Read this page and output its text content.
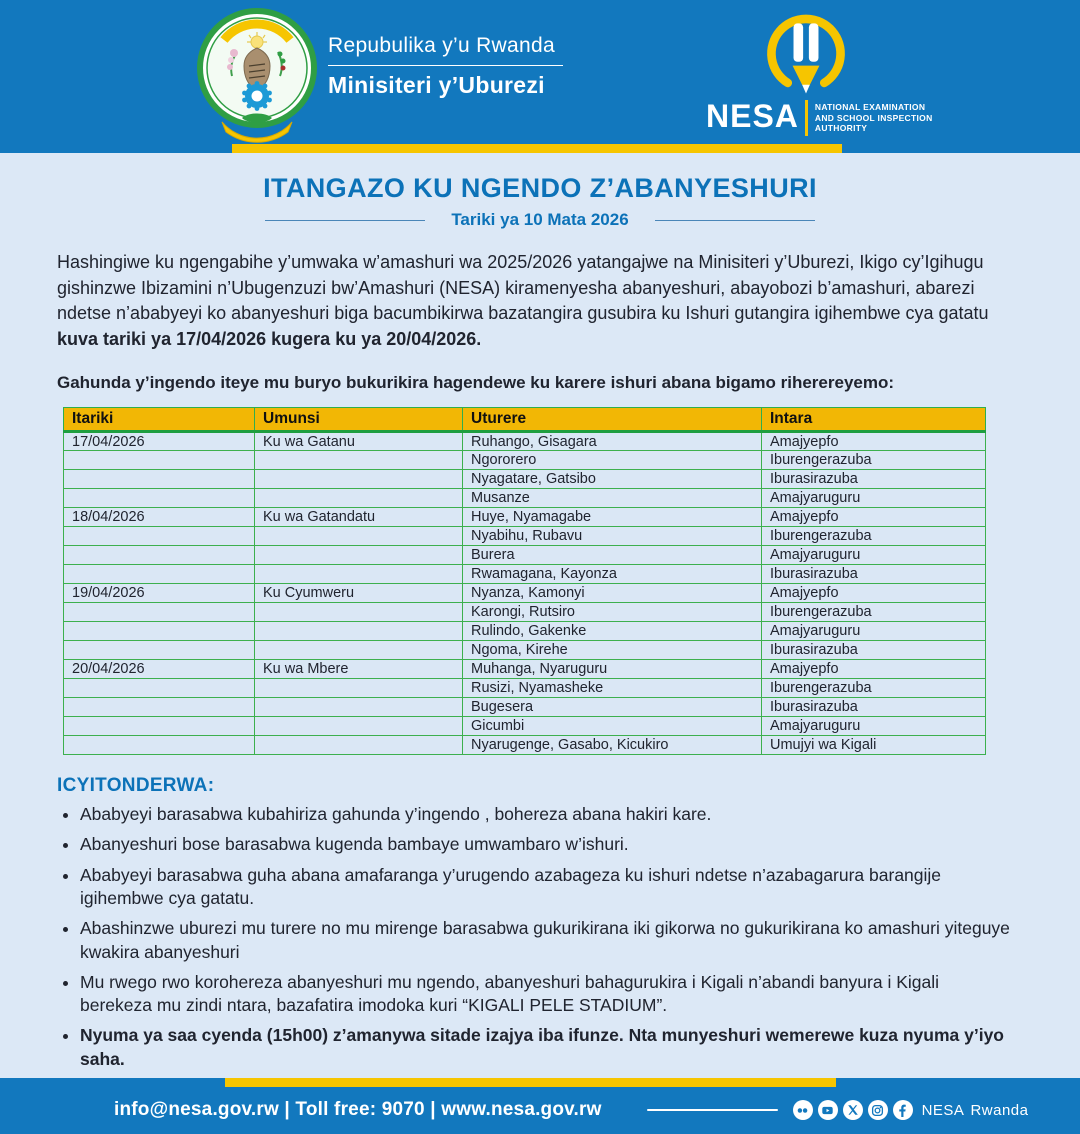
Repubulika y’u Rwanda
Minisiteri y’Uburezi
NESA NATIONAL EXAMINATION
AND SCHOOL INSPECTION
AUTHORITY
ITANGAZO KU NGENDO Z’ABANYESHURI
Tariki ya 10 Mata 2026

Hashingiwe ku ngengabihe y’umwaka w’amashuri wa 2025/2026 yatangajwe na Minisiteri y’Uburezi, Ikigo cy’Igihugu gishinzwe Ibizamini n’Ubugenzuzi bw’Amashuri (NESA) kiramenyesha abanyeshuri, abayobozi b’amashuri, abarezi ndetse n’ababyeyi ko abanyeshuri biga bacumbikirwa bazatangira gusubira ku Ishuri gutangira igihembwe cya gatatu kuva tariki ya 17/04/2026 kugera ku ya 20/04/2026.

Gahunda y’ingendo iteye mu buryo bukurikira hagendewe ku karere ishuri abana bigamo riherereyemo:

Itariki	Umunsi	Uturere	Intara
17/04/2026	Ku wa Gatanu	Ruhango, Gisagara	Amajyepfo
		Ngororero	Iburengerazuba
		Nyagatare, Gatsibo	Iburasirazuba
		Musanze	Amajyaruguru
18/04/2026	Ku wa Gatandatu	Huye, Nyamagabe	Amajyepfo
		Nyabihu, Rubavu	Iburengerazuba
		Burera	Amajyaruguru
		Rwamagana, Kayonza	Iburasirazuba
19/04/2026	Ku Cyumweru	Nyanza, Kamonyi	Amajyepfo
		Karongi, Rutsiro	Iburengerazuba
		Rulindo, Gakenke	Amajyaruguru
		Ngoma, Kirehe	Iburasirazuba
20/04/2026	Ku wa Mbere	Muhanga, Nyaruguru	Amajyepfo
		Rusizi, Nyamasheke	Iburengerazuba
		Bugesera	Iburasirazuba
		Gicumbi	Amajyaruguru
		Nyarugenge, Gasabo, Kicukiro	Umujyi wa Kigali
ICYITONDERWA:
• Ababyeyi barasabwa kubahiriza gahunda y’ingendo , bohereza abana hakiri kare.
• Abanyeshuri bose barasabwa kugenda bambaye umwambaro w’ishuri.
• Ababyeyi barasabwa guha abana amafaranga y’urugendo azabageza ku ishuri ndetse n’azabagarura barangije igihembwe cya gatatu.
• Abashinzwe uburezi mu turere no mu mirenge barasabwa gukurikirana iki gikorwa no gukurikirana ko amashuri yiteguye kwakira abanyeshuri
• Mu rwego rwo korohereza abanyeshuri mu ngendo, abanyeshuri bahagurukira i Kigali n’abandi banyura i Kigali berekeza mu zindi ntara, bazafatira imodoka kuri “KIGALI PELE STADIUM”.
• Nyuma ya saa cyenda (15h00) z’amanywa sitade izajya iba ifunze. Nta munyeshuri wemerewe kuza nyuma y’iyo saha.
info@nesa.gov.rw | Toll free: 9070 | www.nesa.gov.rw	NESA Rwanda
